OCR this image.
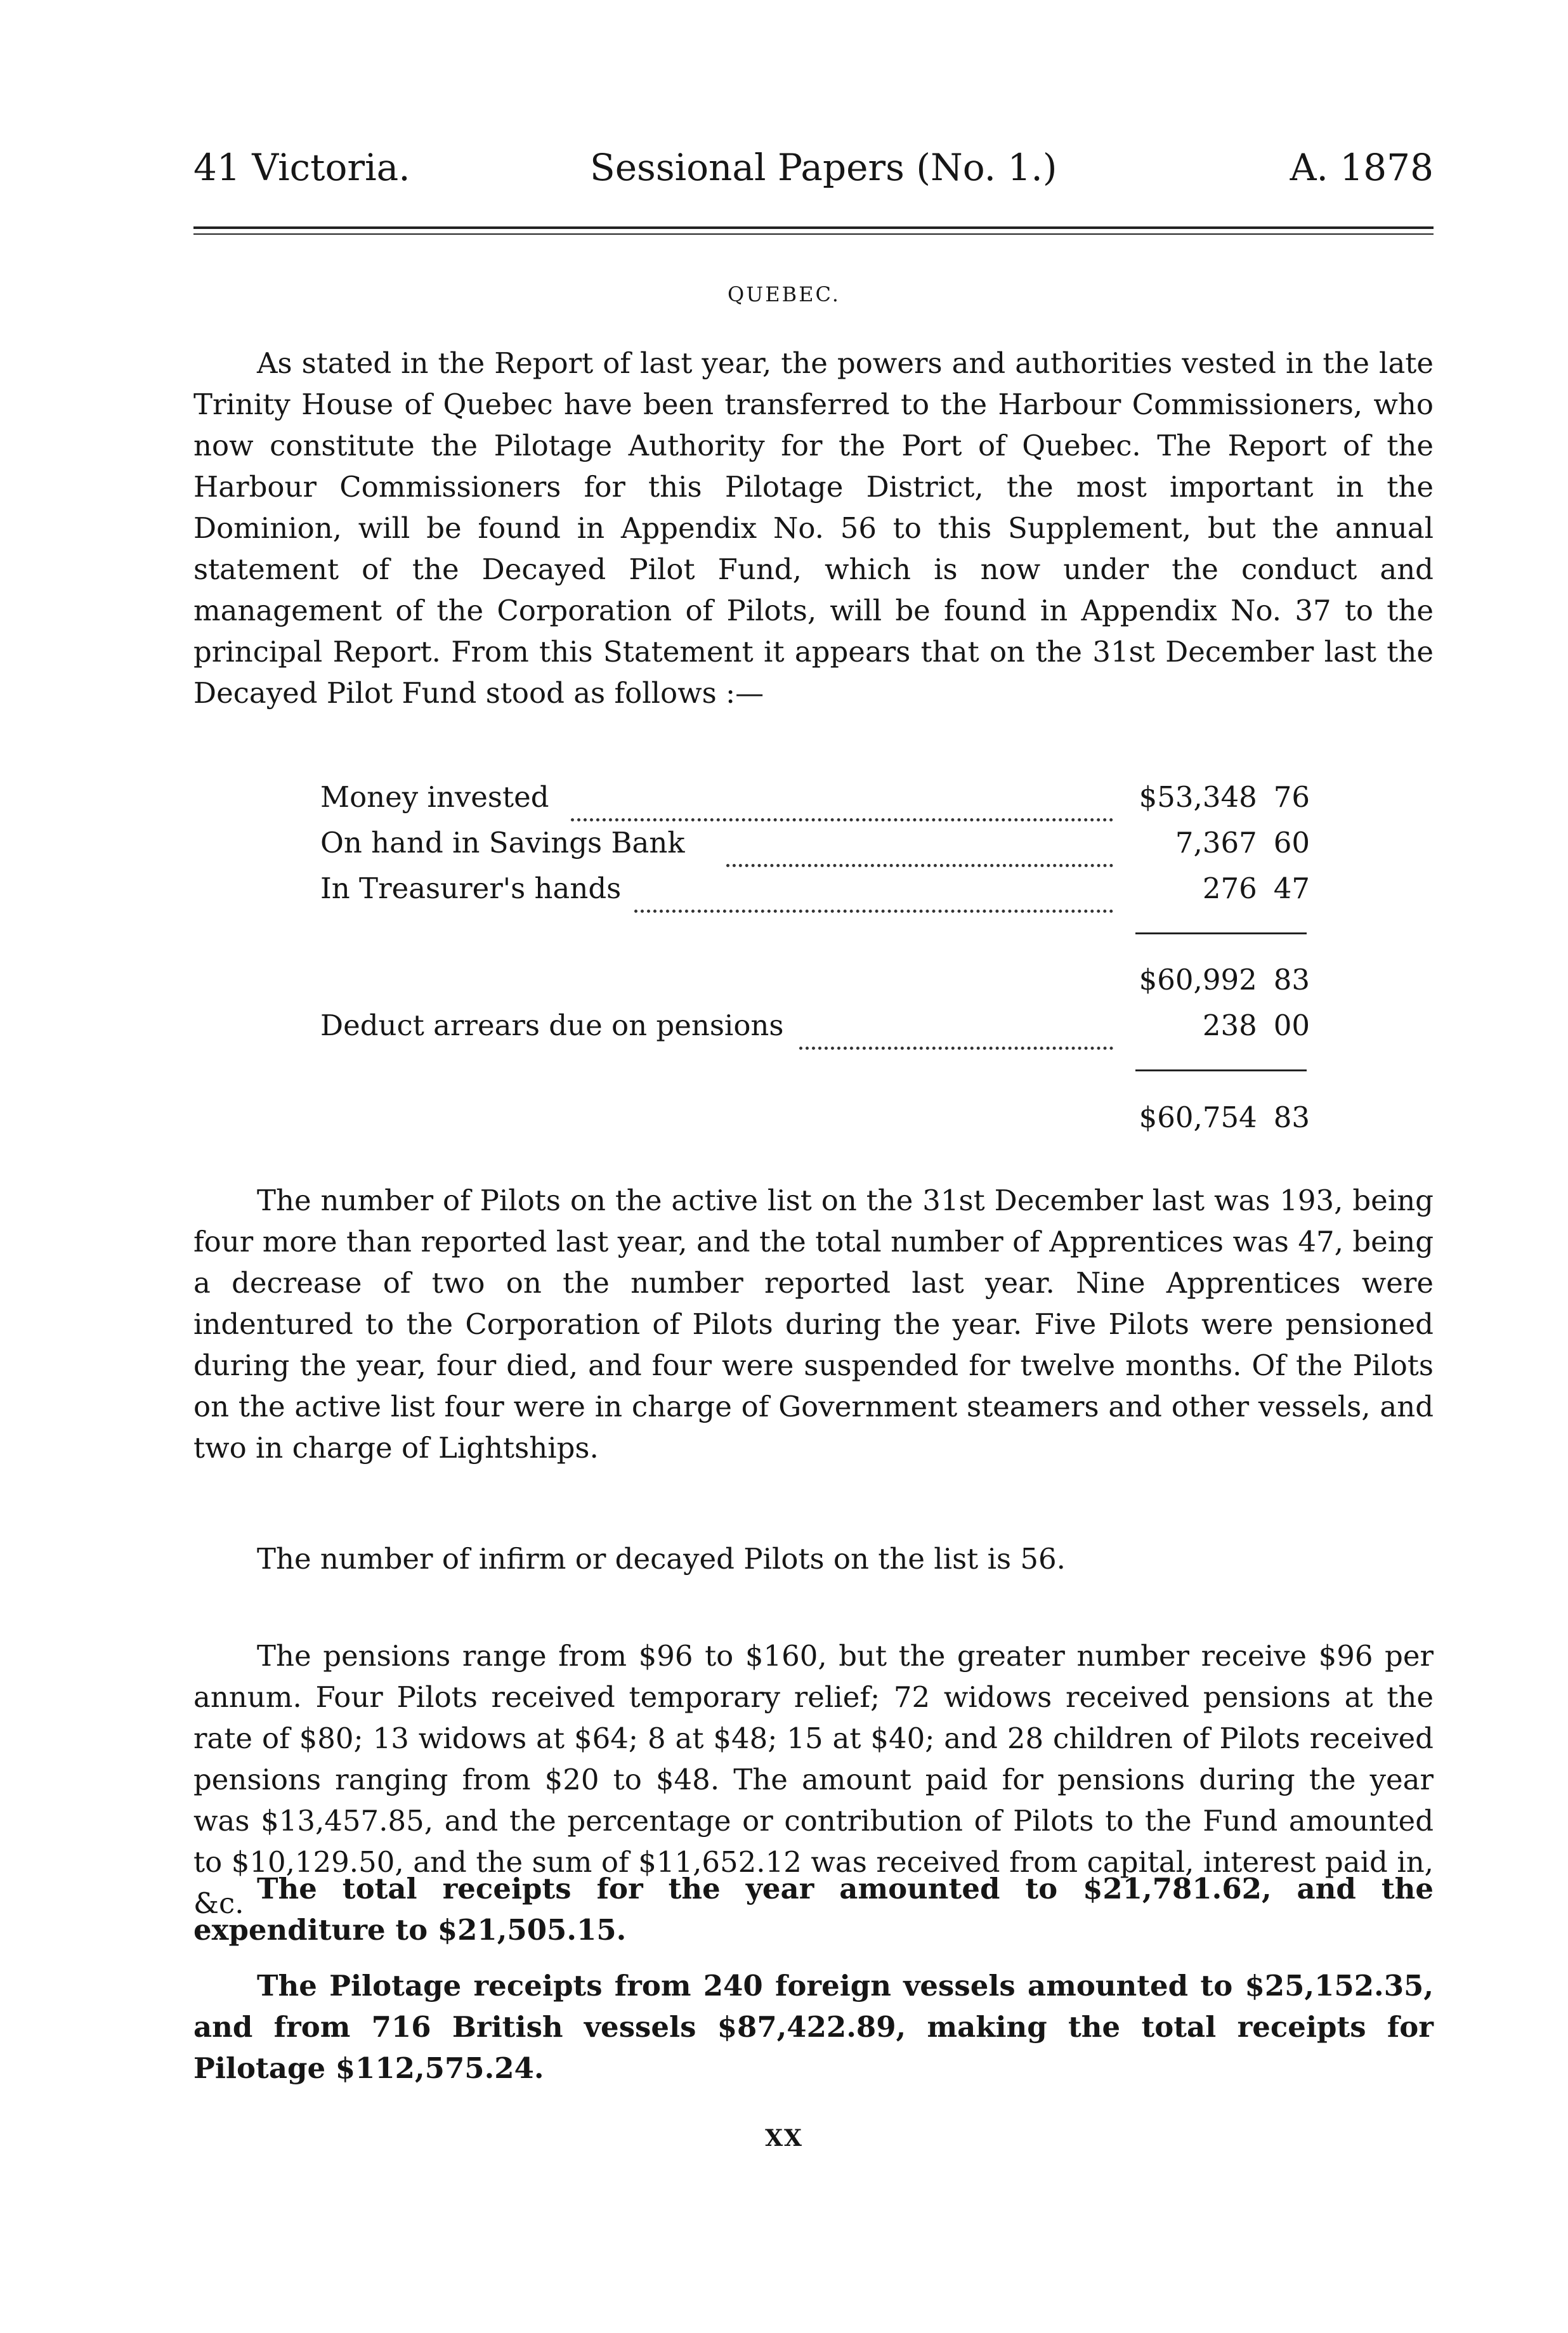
41 Victoria.	Sessional Papers (No. 1.)	A. 1878
QUEBEC.

As stated in the Report of last year, the powers and authorities vested in the late Trinity House of Quebec have been transferred to the Harbour Commissioners, who now constitute the Pilotage Authority for the Port of Quebec. The Report of the Harbour Commissioners for this Pilotage District, the most important in the Dominion, will be found in Appendix No. 56 to this Supplement, but the annual statement of the Decayed Pilot Fund, which is now under the conduct and management of the Corporation of Pilots, will be found in Appendix No. 37 to the principal Report. From this Statement it appears that on the 31st December last the Decayed Pilot Fund stood as follows :—

Money invested	$53,348 76
On hand in Savings Bank	7,367 60
In Treasurer's hands	276 47
$60,992 83
Deduct arrears due on pensions	238 00
$60,754 83

The number of Pilots on the active list on the 31st December last was 193, being four more than reported last year, and the total number of Apprentices was 47, being a decrease of two on the number reported last year. Nine Apprentices were indentured to the Corporation of Pilots during the year. Five Pilots were pensioned during the year, four died, and four were suspended for twelve months. Of the Pilots on the active list four were in charge of Government steamers and other vessels, and two in charge of Lightships.

The number of infirm or decayed Pilots on the list is 56.

The pensions range from $96 to $160, but the greater number receive $96 per annum. Four Pilots received temporary relief; 72 widows received pensions at the rate of $80; 13 widows at $64; 8 at $48; 15 at $40; and 28 children of Pilots received pensions ranging from $20 to $48. The amount paid for pensions during the year was $13,457.85, and the percentage or contribution of Pilots to the Fund amounted to $10,129.50, and the sum of $11,652.12 was received from capital, interest paid in, &c. The total receipts for the year amounted to $21,781.62, and the expenditure to $21,505.15.

The Pilotage receipts from 240 foreign vessels amounted to $25,152.35, and from 716 British vessels $87,422.89, making the total receipts for Pilotage $112,575.24.

XX
